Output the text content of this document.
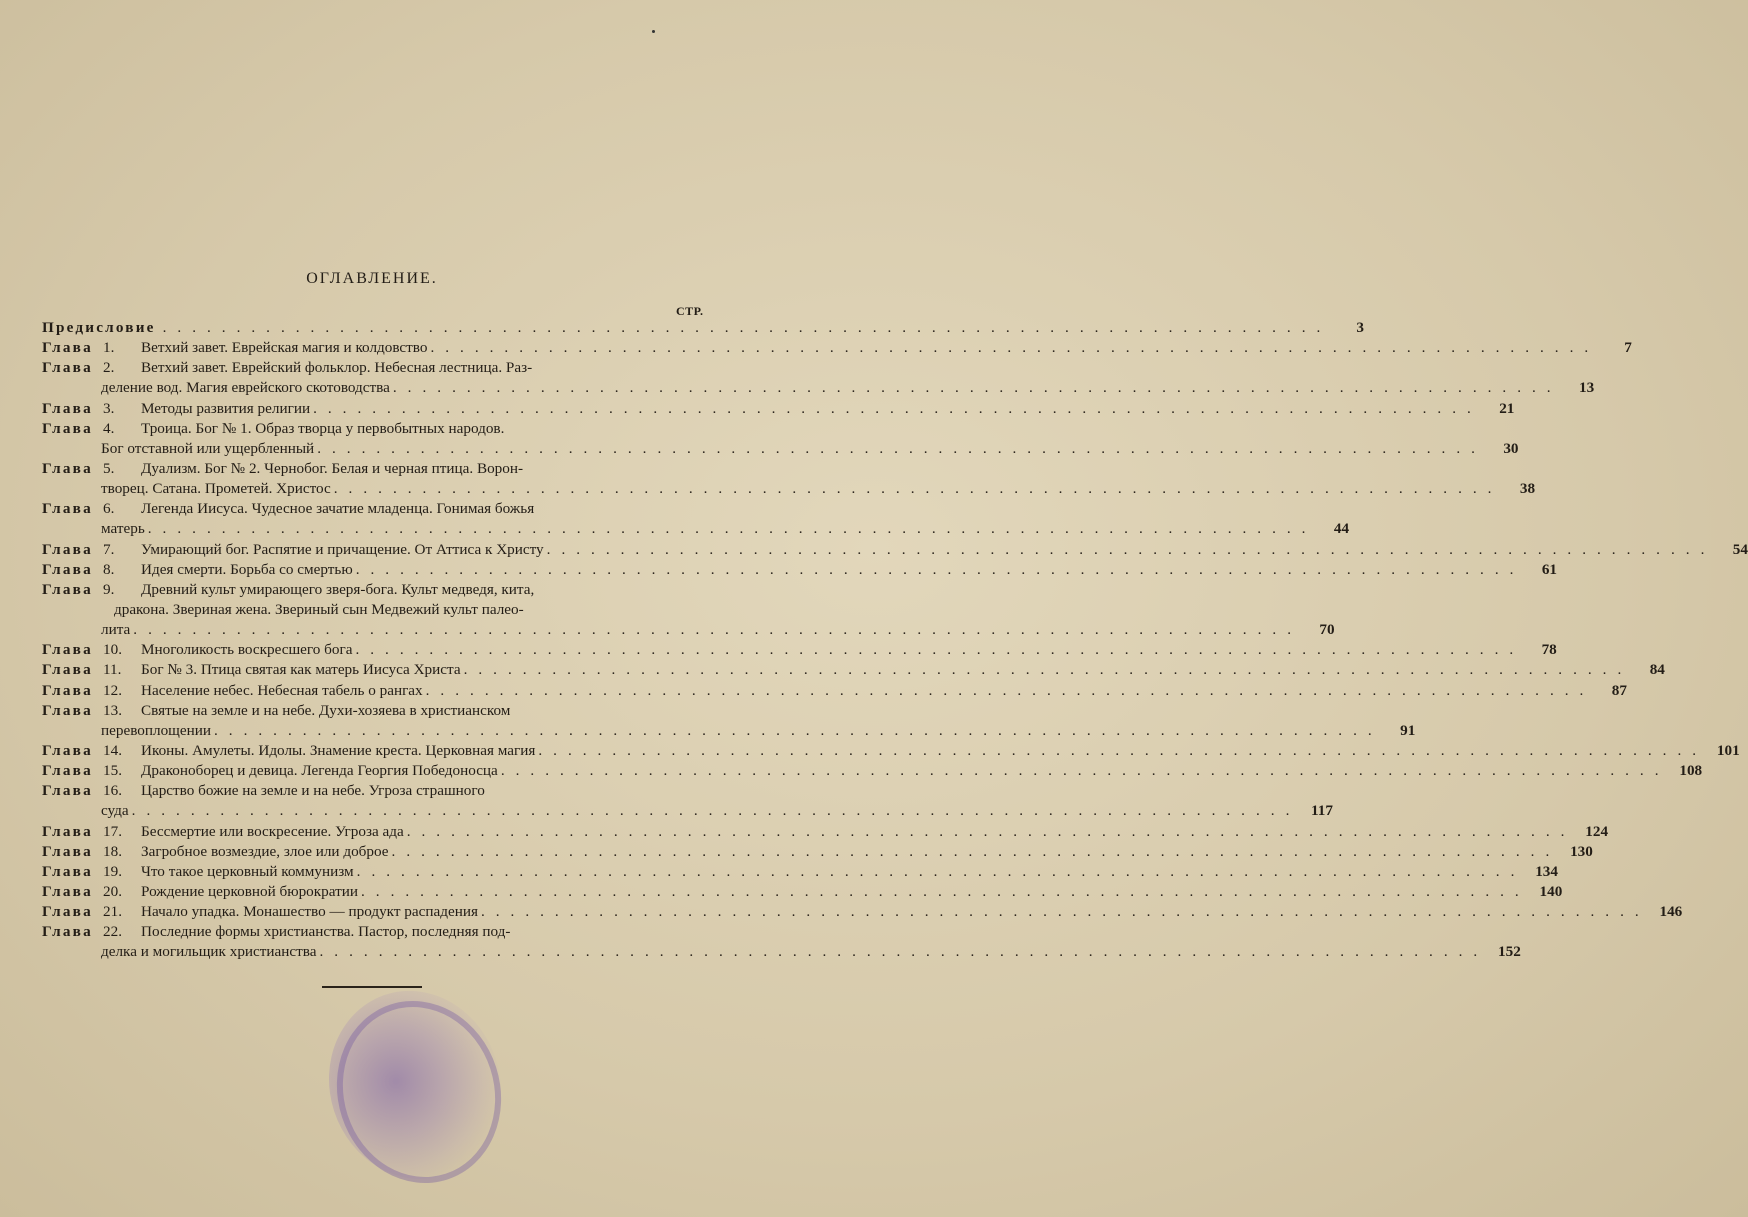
ОГЛАВЛЕНИЕ.
СТР.
Предисловие . . .	3
Глава 1.	Ветхий завет. Еврейская магия и колдовство . . .	7
Глава 2.	Ветхий завет. Еврейский фольклор. Небесная лестница. Раз-
деление вод. Магия еврейского скотоводства . . .	13
Глава 3.	Методы развития религии . . .	21
Глава 4.	Троица. Бог № 1. Образ творца у первобытных народов.
Бог отставной или ущербленный . . .	30
Глава 5.	Дуализм. Бог № 2. Чернобог. Белая и черная птица. Ворон-
творец. Сатана. Прометей. Христос . . .	38
Глава 6.	Легенда Иисуса. Чудесное зачатие младенца. Гонимая божья
матерь . . .	44
Глава 7.	Умирающий бог. Распятие и причащение. От Аттиса к Христу . . .	54
Глава 8.	Идея смерти. Борьба со смертью . . .	61
Глава 9.	Древний культ умирающего зверя-бога. Культ медведя, кита,
дракона. Звериная жена. Звериный сын Медвежий культ палео-
лита . . .	70
Глава 10.	Многоликость воскресшего бога . . .	78
Глава 11.	Бог № 3. Птица святая как матерь Иисуса Христа . . .	84
Глава 12.	Население небес. Небесная табель о рангах . . .	87
Глава 13.	Святые на земле и на небе. Духи-хозяева в христианском
перевоплощении . . .	91
Глава 14.	Иконы. Амулеты. Идолы. Знамение креста. Церковная магия . . .	101
Глава 15.	Драконоборец и девица. Легенда Георгия Победоносца . . .	108
Глава 16.	Царство божие на земле и на небе. Угроза страшного
суда . . .	117
Глава 17.	Бессмертие или воскресение. Угроза ада . . .	124
Глава 18.	Загробное возмездие, злое или доброе . . .	130
Глава 19.	Что такое церковный коммунизм . . .	134
Глава 20.	Рождение церковной бюрократии . . .	140
Глава 21.	Начало упадка. Монашество — продукт распадения . . .	146
Глава 22.	Последние формы христианства. Пастор, последняя под-
делка и могильщик христианства . . .	152
